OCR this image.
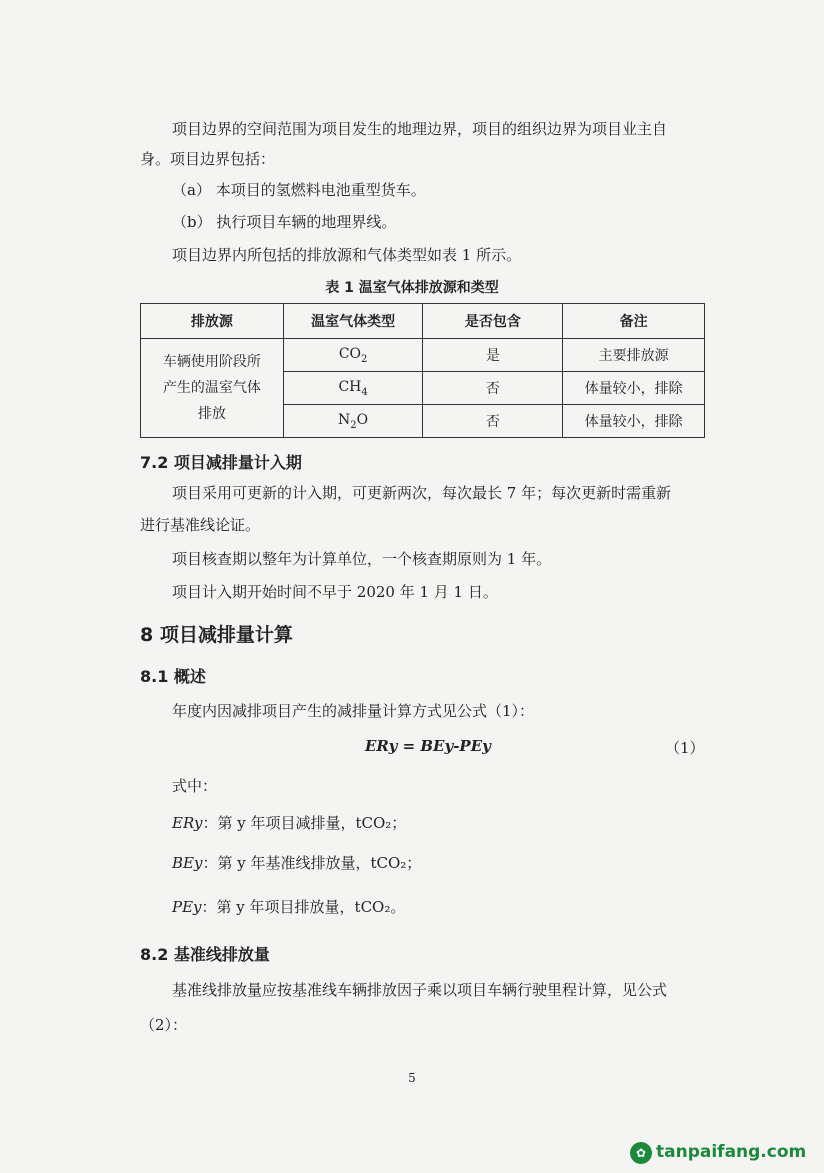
项目边界的空间范围为项目发生的地理边界，项目的组织边界为项目业主自
身。项目边界包括：
（a） 本项目的氢燃料电池重型货车。
（b） 执行项目车辆的地理界线。
项目边界内所包括的排放源和气体类型如表 1 所示。
表 1 温室气体排放源和类型
排放源	温室气体类型	是否包含	备注

车辆使用阶段所
产生的温室气体
排放	$CO_2$	是	主要排放源
	$CH_4$	否	体量较小，排除
	$N_2O$	否	体量较小，排除
7.2 项目减排量计入期
项目采用可更新的计入期，可更新两次，每次最长 7 年；每次更新时需重新
进行基准线论证。
项目核查期以整年为计算单位，一个核查期原则为 1 年。
项目计入期开始时间不早于 2020 年 1 月 1 日。
8 项目减排量计算
8.1 概述
年度内因减排项目产生的减排量计算方式见公式（1）：
ERy = BEy-PEy	（1）
式中：
ERy：第 y 年项目减排量，tCO₂；
BEy：第 y 年基准线排放量，tCO₂；
PEy：第 y 年项目排放量，tCO₂。
8.2 基准线排放量
基准线排放量应按基准线车辆排放因子乘以项目车辆行驶里程计算，见公式
（2）：
5
✿ tanpaifang.com
